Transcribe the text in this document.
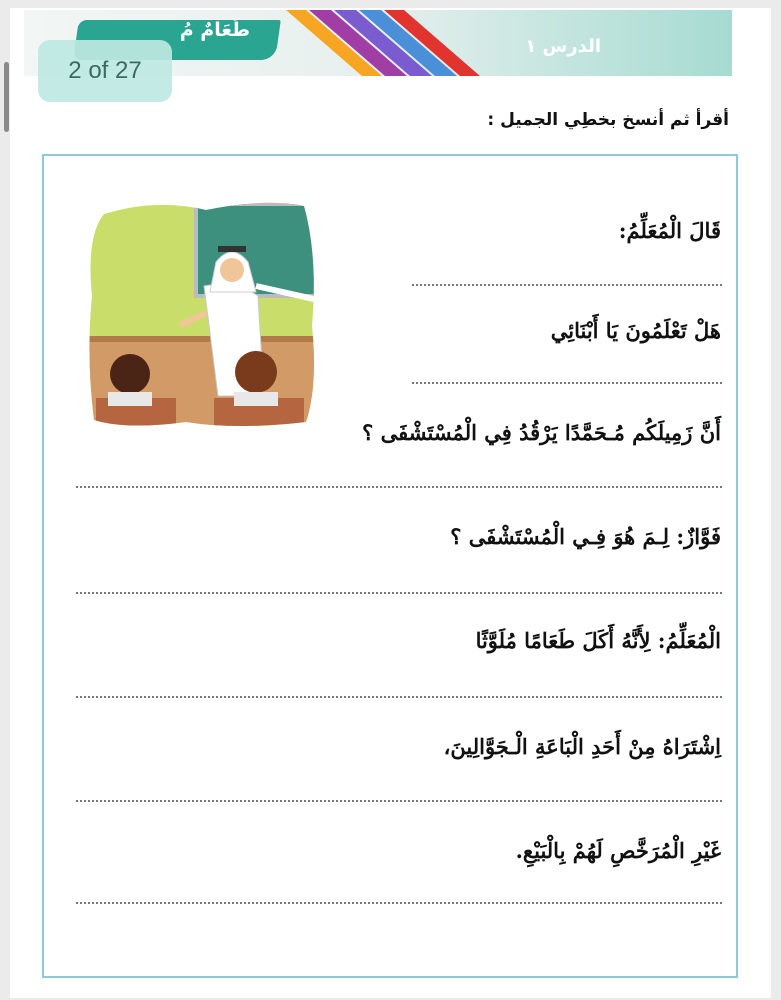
طَعَامٌ مُ
الدرس ١
2 of 27
أقرأ ثم أنسخ بخطِي الجميل :
قَالَ الْمُعَلِّمُ:
هَلْ تَعْلَمُونَ يَا أَبْنَائِي
أَنَّ زَمِيلَكُم مُـحَمَّدًا يَرْقُدُ فِي الْمُسْتَشْفَى ؟
فَوَّازٌ: لِـمَ هُوَ فِـي الْمُسْتَشْفَى ؟
الْمُعَلِّمُ: لِأَنَّهُ أَكَلَ طَعَامًا مُلَوَّثًا
اِشْتَرَاهُ مِنْ أَحَدِ الْبَاعَةِ الْـجَوَّالِينَ،
غَيْرِ الْمُرَخَّصِ لَهُمْ بِالْبَيْعِ.
